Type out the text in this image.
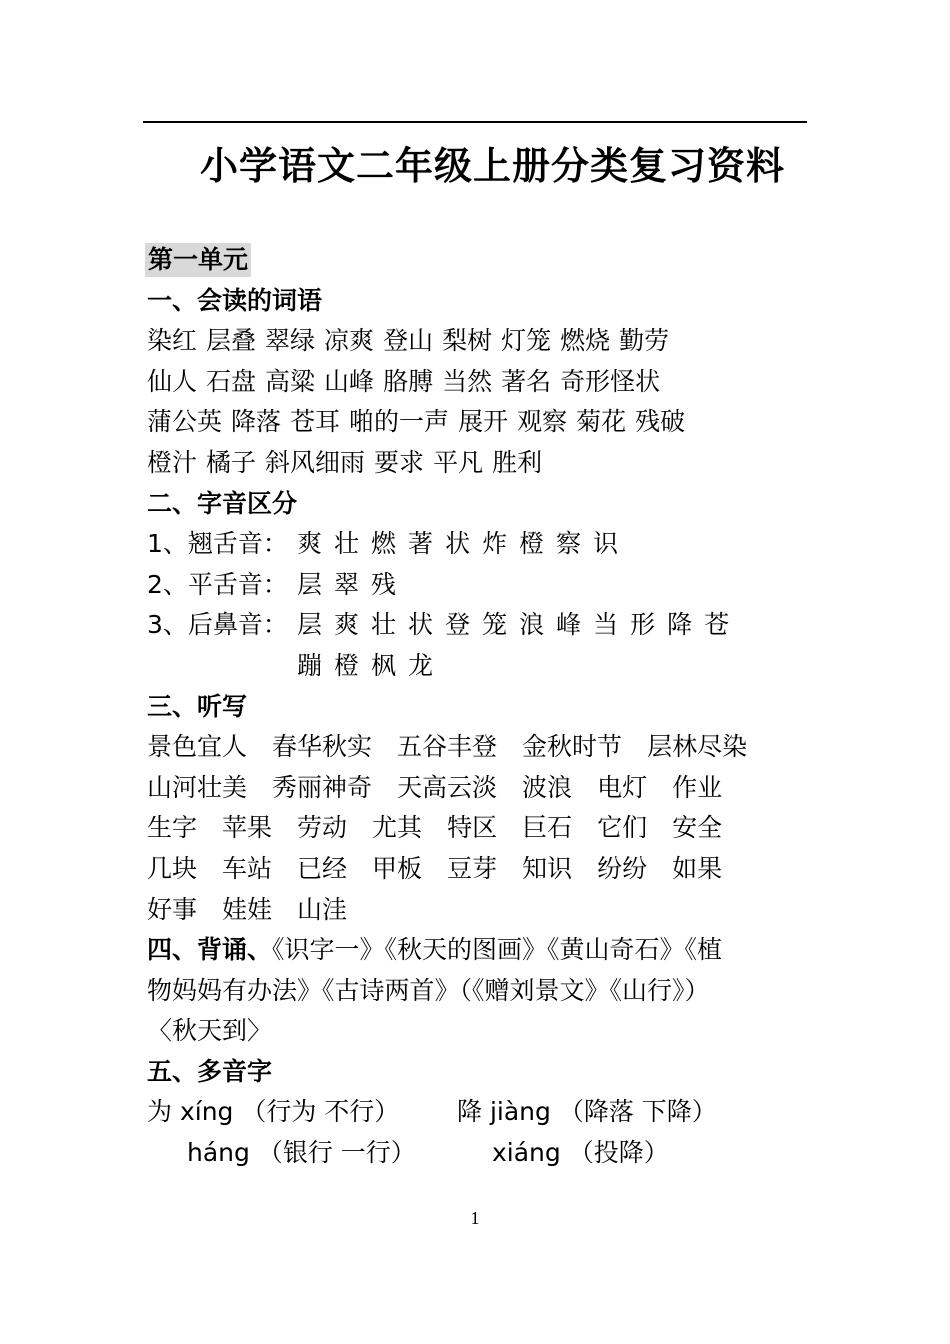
小学语文二年级上册分类复习资料
第一单元
一、会读的词语
染红 层叠 翠绿 凉爽 登山 梨树 灯笼 燃烧 勤劳
仙人 石盘 高粱 山峰 胳膊 当然 著名 奇形怪状
蒲公英 降落 苍耳 啪的一声 展开 观察 菊花 残破
橙汁 橘子 斜风细雨要求 平凡 胜利
二、字音区分
1、翘舌音： 爽 壮 燃 著 状 炸 橙 察 识
2、平舌音： 层 翠 残
3、后鼻音： 层 爽 壮 状 登 笼 浪 峰 当 形 降 苍
蹦 橙 枫 龙
三、听写
景色宜人 春华秋实 五谷丰登 金秋时节 层林尽染
山河壮美 秀丽神奇 天高云淡 波浪 电灯 作业
生字 苹果 劳动 尤其 特区 巨石 它们 安全
几块 车站 已经 甲板 豆芽 知识 纷纷 如果
好事 娃娃 山洼
四、背诵、《识字一》《秋天的图画》《黄山奇石》《植
物妈妈有办法》《古诗两首》（《赠刘景文》《山行》）
〈秋天到〉
五、多音字
为 xíng （行为 不行） 降 jiàng （降落 下降）
háng （银行 一行）	xiáng （投降）
1
